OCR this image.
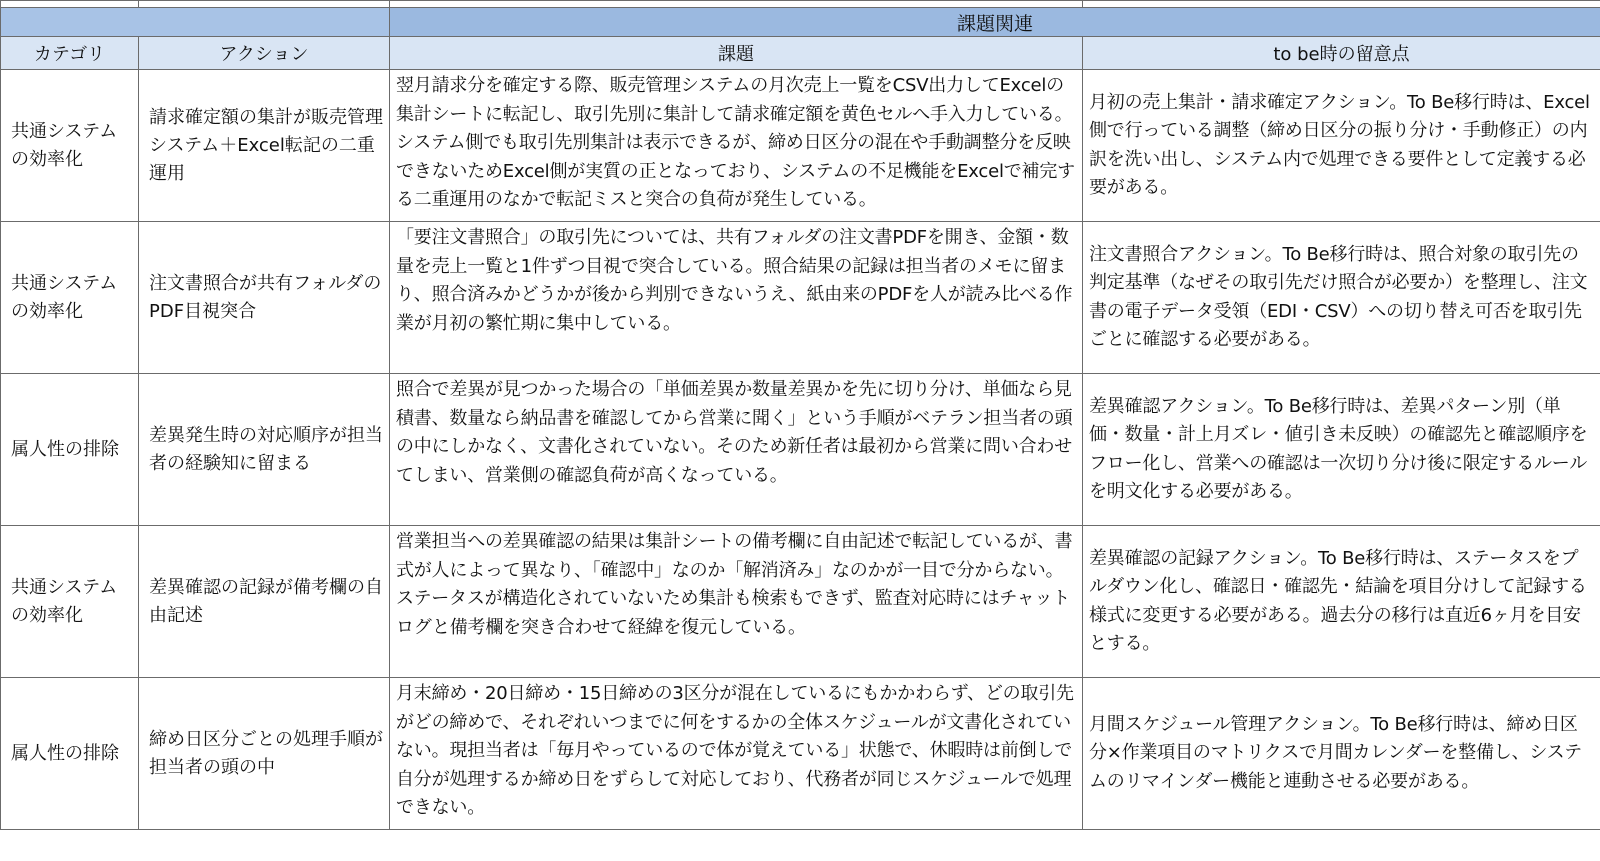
		課題関連	
カテゴリ	アクション	課題	to be時の留意点
共通システムの効率化	請求確定額の集計が販売管理システム＋Excel転記の二重運用	翌月請求分を確定する際、販売管理システムの月次売上一覧をCSV出力してExcelの集計シートに転記し、取引先別に集計して請求確定額を黄色セルへ手入力している。システム側でも取引先別集計は表示できるが、締め日区分の混在や手動調整分を反映できないためExcel側が実質の正となっており、システムの不足機能をExcelで補完する二重運用のなかで転記ミスと突合の負荷が発生している。	月初の売上集計・請求確定アクション。To Be移行時は、Excel側で行っている調整（締め日区分の振り分け・手動修正）の内訳を洗い出し、システム内で処理できる要件として定義する必要がある。
共通システムの効率化	注文書照合が共有フォルダのPDF目視突合	「要注文書照合」の取引先については、共有フォルダの注文書PDFを開き、金額・数量を売上一覧と1件ずつ目視で突合している。照合結果の記録は担当者のメモに留まり、照合済みかどうかが後から判別できないうえ、紙由来のPDFを人が読み比べる作業が月初の繁忙期に集中している。	注文書照合アクション。To Be移行時は、照合対象の取引先の判定基準（なぜその取引先だけ照合が必要か）を整理し、注文書の電子データ受領（EDI・CSV）への切り替え可否を取引先ごとに確認する必要がある。
属人性の排除	差異発生時の対応順序が担当者の経験知に留まる	照合で差異が見つかった場合の「単価差異か数量差異かを先に切り分け、単価なら見積書、数量なら納品書を確認してから営業に聞く」という手順がベテラン担当者の頭の中にしかなく、文書化されていない。そのため新任者は最初から営業に問い合わせてしまい、営業側の確認負荷が高くなっている。	差異確認アクション。To Be移行時は、差異パターン別（単価・数量・計上月ズレ・値引き未反映）の確認先と確認順序をフロー化し、営業への確認は一次切り分け後に限定するルールを明文化する必要がある。
共通システムの効率化	差異確認の記録が備考欄の自由記述	営業担当への差異確認の結果は集計シートの備考欄に自由記述で転記しているが、書式が人によって異なり、「確認中」なのか「解消済み」なのかが一目で分からない。ステータスが構造化されていないため集計も検索もできず、監査対応時にはチャットログと備考欄を突き合わせて経緯を復元している。	差異確認の記録アクション。To Be移行時は、ステータスをプルダウン化し、確認日・確認先・結論を項目分けして記録する様式に変更する必要がある。過去分の移行は直近6ヶ月を目安とする。
属人性の排除	締め日区分ごとの処理手順が担当者の頭の中	月末締め・20日締め・15日締めの3区分が混在しているにもかかわらず、どの取引先がどの締めで、それぞれいつまでに何をするかの全体スケジュールが文書化されていない。現担当者は「毎月やっているので体が覚えている」状態で、休暇時は前倒しで自分が処理するか締め日をずらして対応しており、代務者が同じスケジュールで処理できない。	月間スケジュール管理アクション。To Be移行時は、締め日区分×作業項目のマトリクスで月間カレンダーを整備し、システムのリマインダー機能と連動させる必要がある。
